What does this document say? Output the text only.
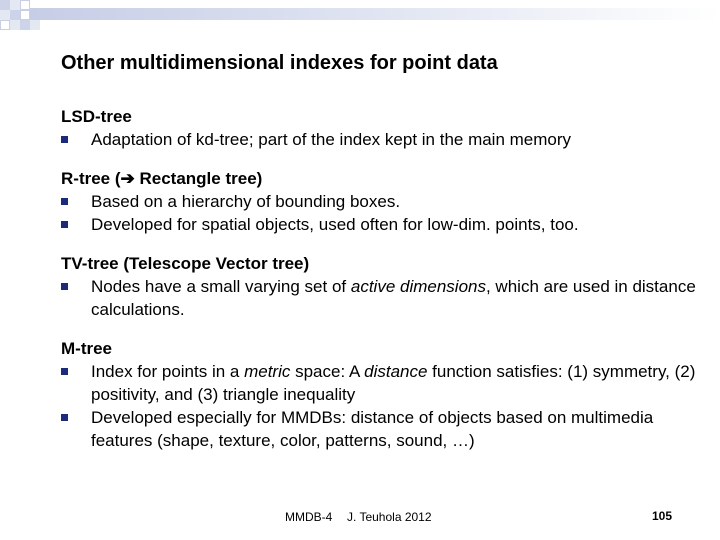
Other multidimensional indexes for point data
LSD-tree
Adaptation of kd-tree; part of the index kept in the main memory
R-tree (➔ Rectangle tree)
Based on a hierarchy of bounding boxes.
Developed for spatial objects, used often for low-dim. points, too.
TV-tree (Telescope Vector tree)
Nodes have a small varying set of active dimensions, which are used in distance calculations.
M-tree
Index for points in a metric space: A distance function satisfies: (1) symmetry, (2) positivity, and (3) triangle inequality
Developed especially for MMDBs: distance of objects based on multimedia features (shape, texture, color, patterns, sound, …)
MMDB-4 J. Teuhola 2012	105
